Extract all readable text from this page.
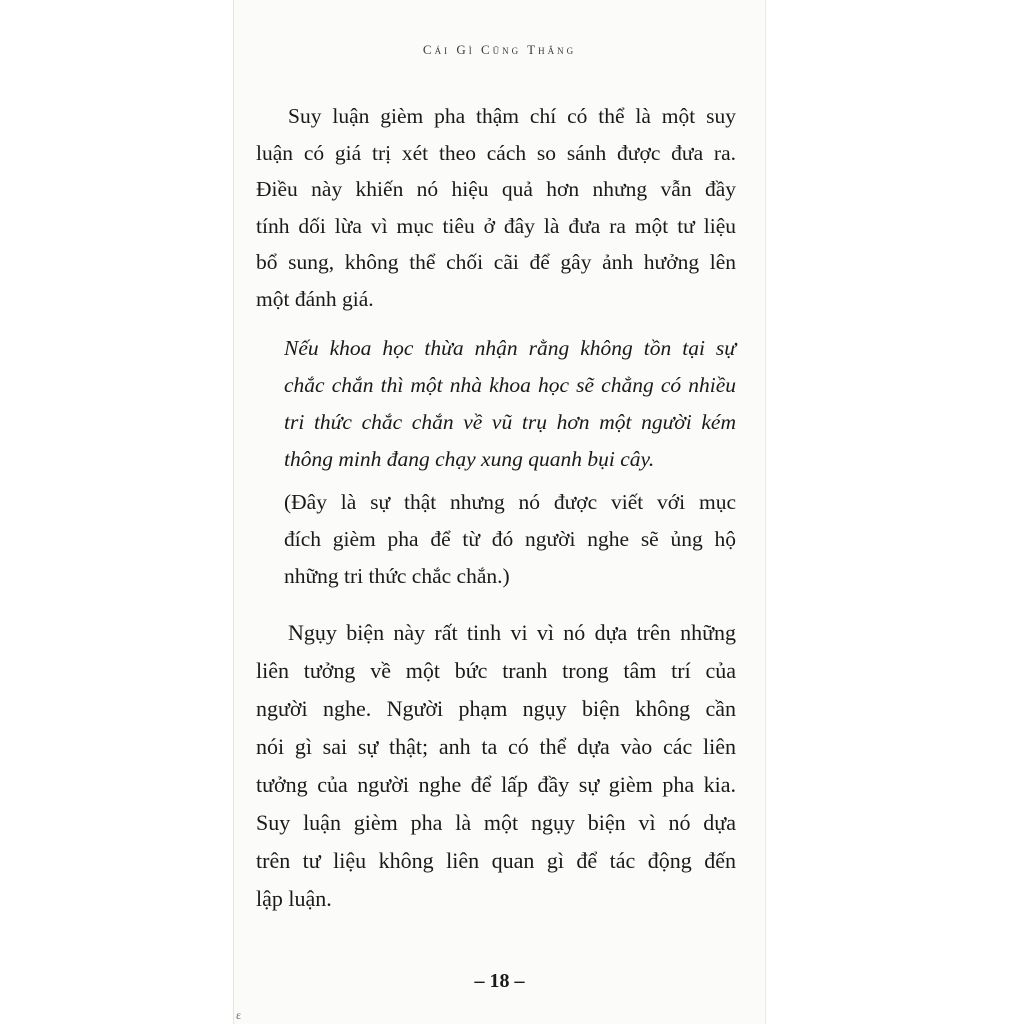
Cái Gì Cũng Thắng

Suy luận gièm pha thậm chí có thể là một suy
luận có giá trị xét theo cách so sánh được đưa ra.
Điều này khiến nó hiệu quả hơn nhưng vẫn đầy
tính dối lừa vì mục tiêu ở đây là đưa ra một tư liệu
bổ sung, không thể chối cãi để gây ảnh hưởng lên
một đánh giá.

Nếu khoa học thừa nhận rằng không tồn tại sự
chắc chắn thì một nhà khoa học sẽ chẳng có nhiều
tri thức chắc chắn về vũ trụ hơn một người kém
thông minh đang chạy xung quanh bụi cây.

(Đây là sự thật nhưng nó được viết với mục
đích gièm pha để từ đó người nghe sẽ ủng hộ
những tri thức chắc chắn.)

Ngụy biện này rất tinh vi vì nó dựa trên những
liên tưởng về một bức tranh trong tâm trí của
người nghe. Người phạm ngụy biện không cần
nói gì sai sự thật; anh ta có thể dựa vào các liên
tưởng của người nghe để lấp đầy sự gièm pha kia.
Suy luận gièm pha là một ngụy biện vì nó dựa
trên tư liệu không liên quan gì để tác động đến
lập luận.

– 18 –
ε
